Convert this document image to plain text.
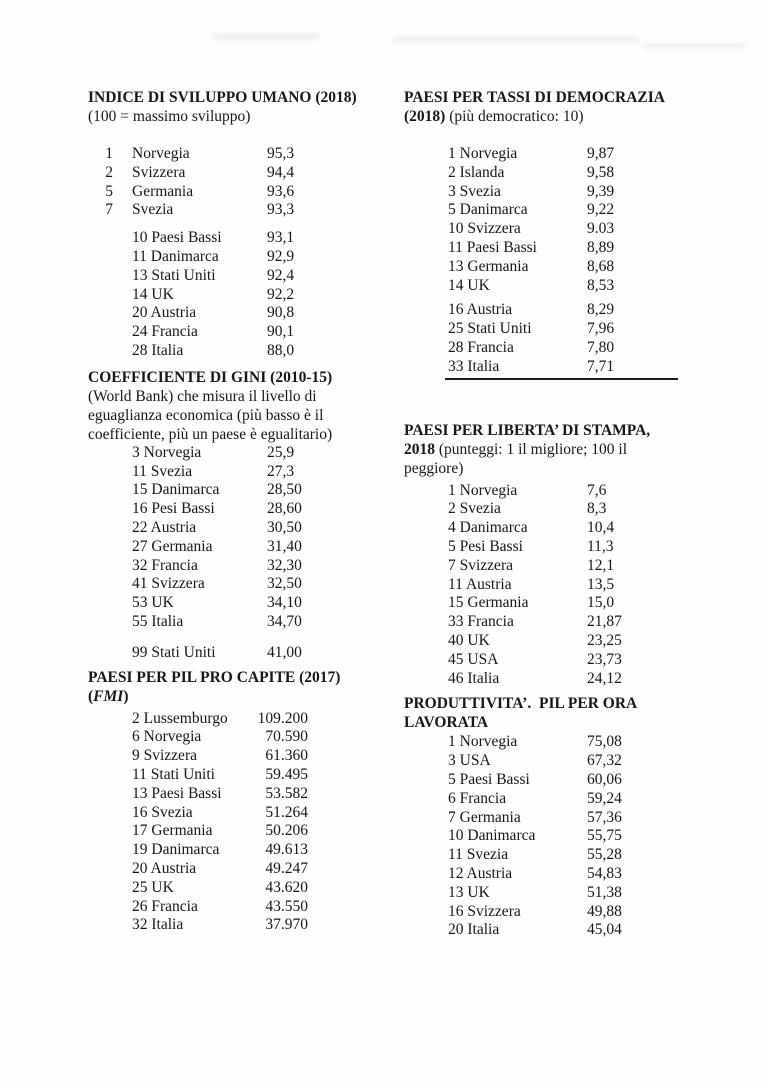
INDICE DI SVILUPPO UMANO (2018)
(100 = massimo sviluppo)
1 Norvegia	95,3
2 Svizzera	94,4
5 Germania	93,6
7 Svezia	93,3
10 Paesi Bassi	93,1
11 Danimarca	92,9
13 Stati Uniti	92,4
14 UK	92,2
20 Austria	90,8
24 Francia	90,1
28 Italia	88,0
COEFFICIENTE DI GINI (2010-15)
(World Bank) che misura il livello di
eguaglianza economica (più basso è il
coefficiente, più un paese è egualitario)
3 Norvegia	25,9
11 Svezia	27,3
15 Danimarca	28,50
16 Pesi Bassi	28,60
22 Austria	30,50
27 Germania	31,40
32 Francia	32,30
41 Svizzera	32,50
53 UK	34,10
55 Italia	34,70
99 Stati Uniti	41,00
PAESI PER PIL PRO CAPITE (2017)
(FMI)
2 Lussemburgo	109.200
6 Norvegia	70.590
9 Svizzera	61.360
11 Stati Uniti	59.495
13 Paesi Bassi	53.582
16 Svezia	51.264
17 Germania	50.206
19 Danimarca	49.613
20 Austria	49.247
25 UK	43.620
26 Francia	43.550
32 Italia	37.970
PAESI PER TASSI DI DEMOCRAZIA
(2018) (più democratico: 10)
1 Norvegia	9,87
2 Islanda	9,58
3 Svezia	9,39
5 Danimarca	9,22
10 Svizzera	9.03
11 Paesi Bassi	8,89
13 Germania	8,68
14 UK	8,53
16 Austria	8,29
25 Stati Uniti	7,96
28 Francia	7,80
33 Italia	7,71
PAESI PER LIBERTA’ DI STAMPA,
2018 (punteggi: 1 il migliore; 100 il
peggiore)
1 Norvegia	7,6
2 Svezia	8,3
4 Danimarca	10,4
5 Pesi Bassi	11,3
7 Svizzera	12,1
11 Austria	13,5
15 Germania	15,0
33 Francia	21,87
40 UK	23,25
45 USA	23,73
46 Italia	24,12
PRODUTTIVITA’.  PIL PER ORA
LAVORATA
1 Norvegia	75,08
3 USA	67,32
5 Paesi Bassi	60,06
6 Francia	59,24
7 Germania	57,36
10 Danimarca	55,75
11 Svezia	55,28
12 Austria	54,83
13 UK	51,38
16 Svizzera	49,88
20 Italia	45,04
